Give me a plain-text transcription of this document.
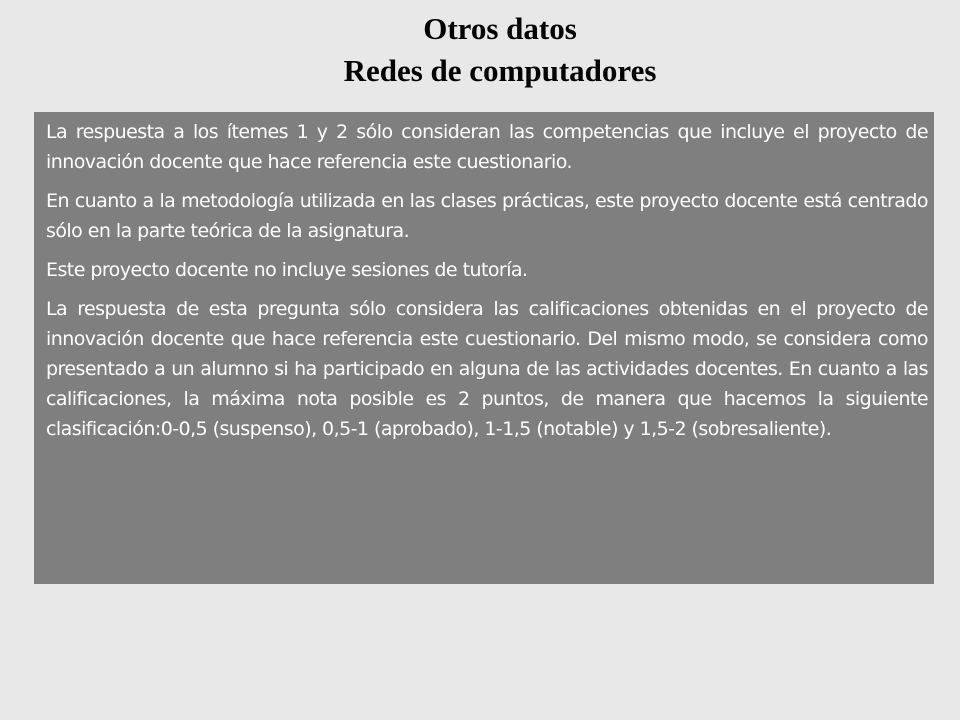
Otros datos
Redes de computadores

La respuesta a los ítemes 1 y 2 sólo consideran las competencias que incluye el proyecto de innovación docente que hace referencia este cuestionario.

En cuanto a la metodología utilizada en las clases prácticas, este proyecto docente está centrado sólo en la parte teórica de la asignatura.

Este proyecto docente no incluye sesiones de tutoría.

La respuesta de esta pregunta sólo considera las calificaciones obtenidas en el proyecto de innovación docente que hace referencia este cuestionario. Del mismo modo, se considera como presentado a un alumno si ha participado en alguna de las actividades docentes. En cuanto a las calificaciones, la máxima nota posible es 2 puntos, de manera que hacemos la siguiente clasificación:0-0,5 (suspenso), 0,5-1 (aprobado), 1-1,5 (notable) y 1,5-2 (sobresaliente).
